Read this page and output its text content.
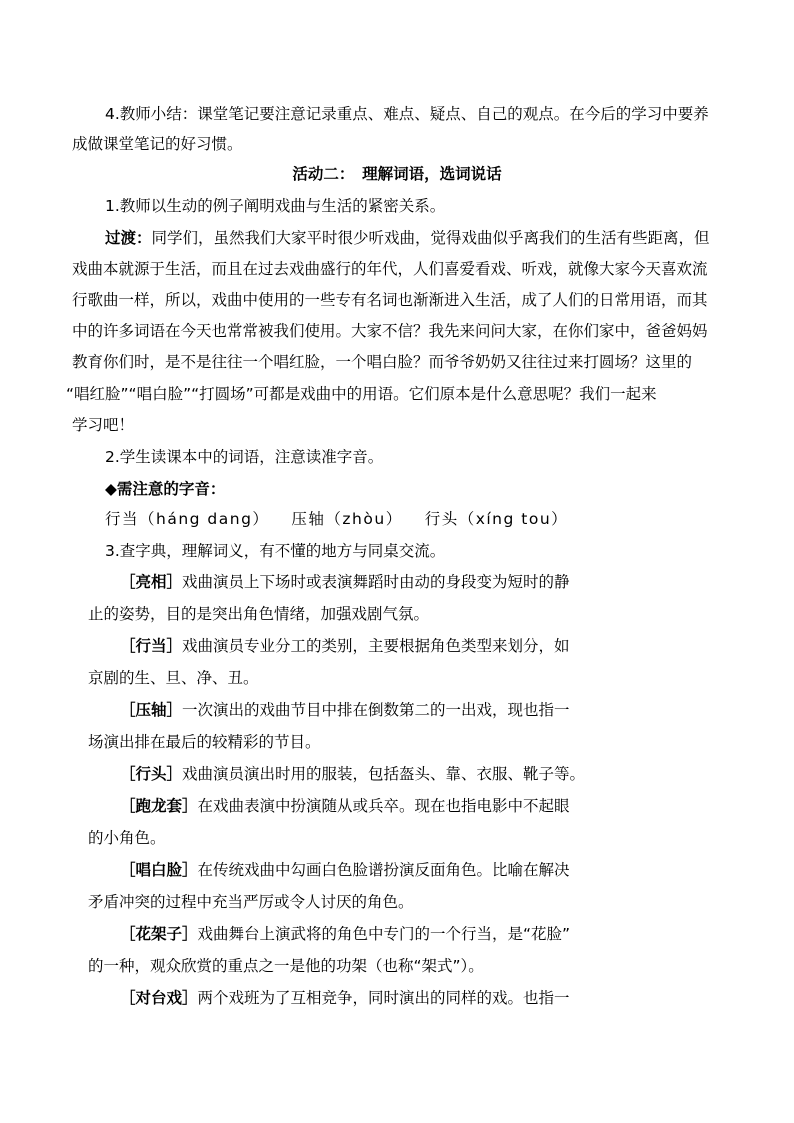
4.教师小结：课堂笔记要注意记录重点、难点、疑点、自己的观点。在今后的学习中要养
成做课堂笔记的好习惯。
活动二：　理解词语，选词说话
1.教师以生动的例子阐明戏曲与生活的紧密关系。
过渡：同学们，虽然我们大家平时很少听戏曲，觉得戏曲似乎离我们的生活有些距离，但
戏曲本就源于生活，而且在过去戏曲盛行的年代，人们喜爱看戏、听戏，就像大家今天喜欢流
行歌曲一样，所以，戏曲中使用的一些专有名词也渐渐进入生活，成了人们的日常用语，而其
中的许多词语在今天也常常被我们使用。大家不信？我先来问问大家，在你们家中，爸爸妈妈
教育你们时，是不是往往一个唱红脸，一个唱白脸？而爷爷奶奶又往往过来打圆场？这里的
“唱红脸”“唱白脸”“打圆场”可都是戏曲中的用语。它们原本是什么意思呢？我们一起来
学习吧！
2.学生读课本中的词语，注意读准字音。
◆需注意的字音：
行当（háng dang） 压轴（zhòu） 行头（xíng tou）
3.查字典，理解词义，有不懂的地方与同桌交流。
［亮相］戏曲演员上下场时或表演舞蹈时由动的身段变为短时的静
止的姿势，目的是突出角色情绪，加强戏剧气氛。
［行当］戏曲演员专业分工的类别，主要根据角色类型来划分，如
京剧的生、旦、净、丑。
［压轴］一次演出的戏曲节目中排在倒数第二的一出戏，现也指一
场演出排在最后的较精彩的节目。
［行头］戏曲演员演出时用的服装，包括盔头、靠、衣服、靴子等。
［跑龙套］在戏曲表演中扮演随从或兵卒。现在也指电影中不起眼
的小角色。
［唱白脸］在传统戏曲中勾画白色脸谱扮演反面角色。比喻在解决
矛盾冲突的过程中充当严厉或令人讨厌的角色。
［花架子］戏曲舞台上演武将的角色中专门的一个行当，是“花脸”
的一种，观众欣赏的重点之一是他的功架（也称“架式”）。
［对台戏］两个戏班为了互相竞争，同时演出的同样的戏。也指一
